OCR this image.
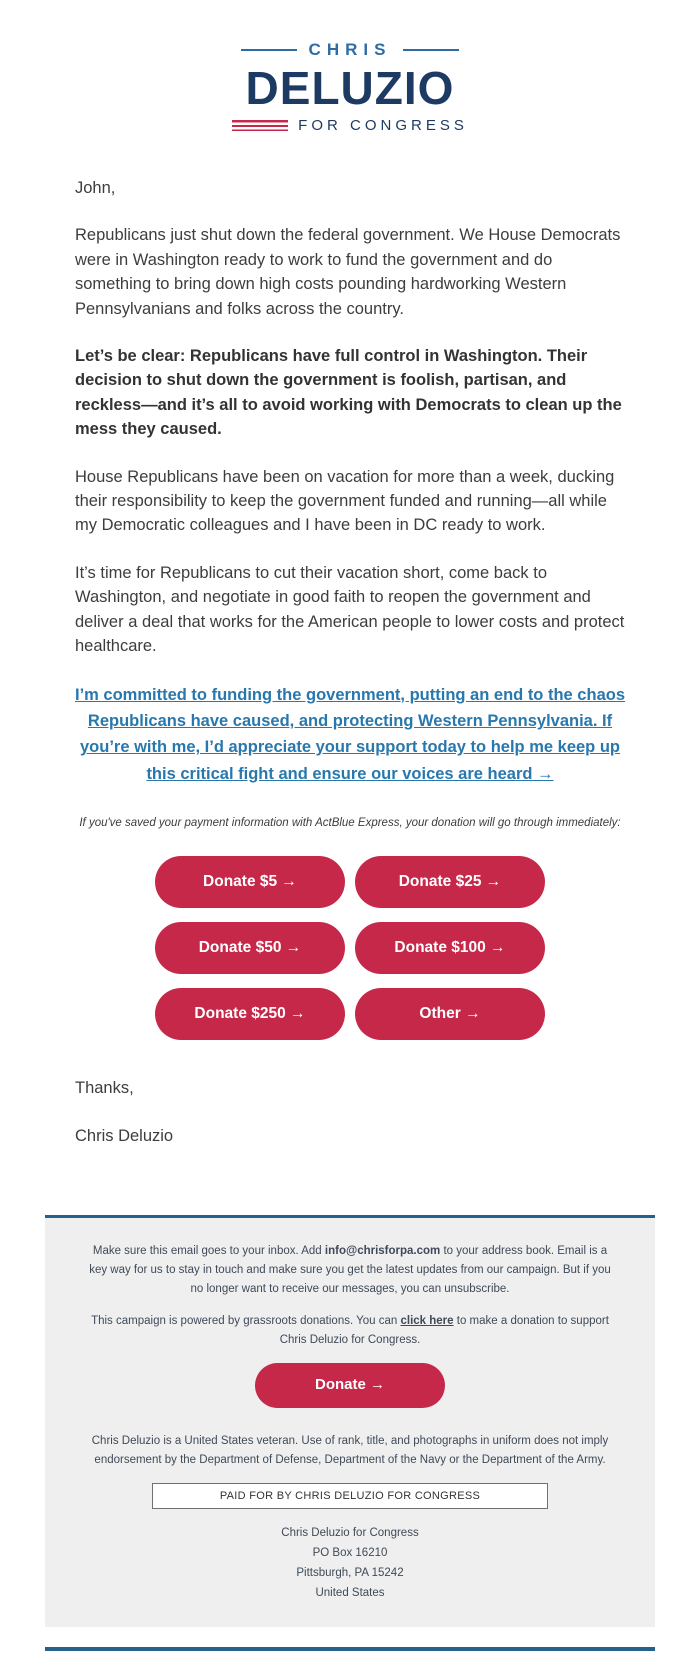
CHRIS
DELUZIO
FOR CONGRESS

John,

Republicans just shut down the federal government. We House Democrats were in Washington ready to work to fund the government and do something to bring down high costs pounding hardworking Western Pennsylvanians and folks across the country.

Let’s be clear: Republicans have full control in Washington. Their decision to shut down the government is foolish, partisan, and reckless—and it’s all to avoid working with Democrats to clean up the mess they caused.

House Republicans have been on vacation for more than a week, ducking their responsibility to keep the government funded and running—all while my Democratic colleagues and I have been in DC ready to work.

It’s time for Republicans to cut their vacation short, come back to Washington, and negotiate in good faith to reopen the government and deliver a deal that works for the American people to lower costs and protect healthcare.

I’m committed to funding the government, putting an end to the chaos Republicans have caused, and protecting Western Pennsylvania. If you’re with me, I’d appreciate your support today to help me keep up this critical fight and ensure our voices are heard →

If you've saved your payment information with ActBlue Express, your donation will go through immediately:

Donate $5 →	Donate $25 →
Donate $50 →	Donate $100 →
Donate $250 →	Other →

Thanks,

Chris Deluzio

Make sure this email goes to your inbox. Add info@chrisforpa.com to your address book. Email is a key way for us to stay in touch and make sure you get the latest updates from our campaign. But if you no longer want to receive our messages, you can unsubscribe.

This campaign is powered by grassroots donations. You can click here to make a donation to support Chris Deluzio for Congress.

Donate →

Chris Deluzio is a United States veteran. Use of rank, title, and photographs in uniform does not imply endorsement by the Department of Defense, Department of the Navy or the Department of the Army.

PAID FOR BY CHRIS DELUZIO FOR CONGRESS
Chris Deluzio for Congress
PO Box 16210
Pittsburgh, PA 15242
United States
